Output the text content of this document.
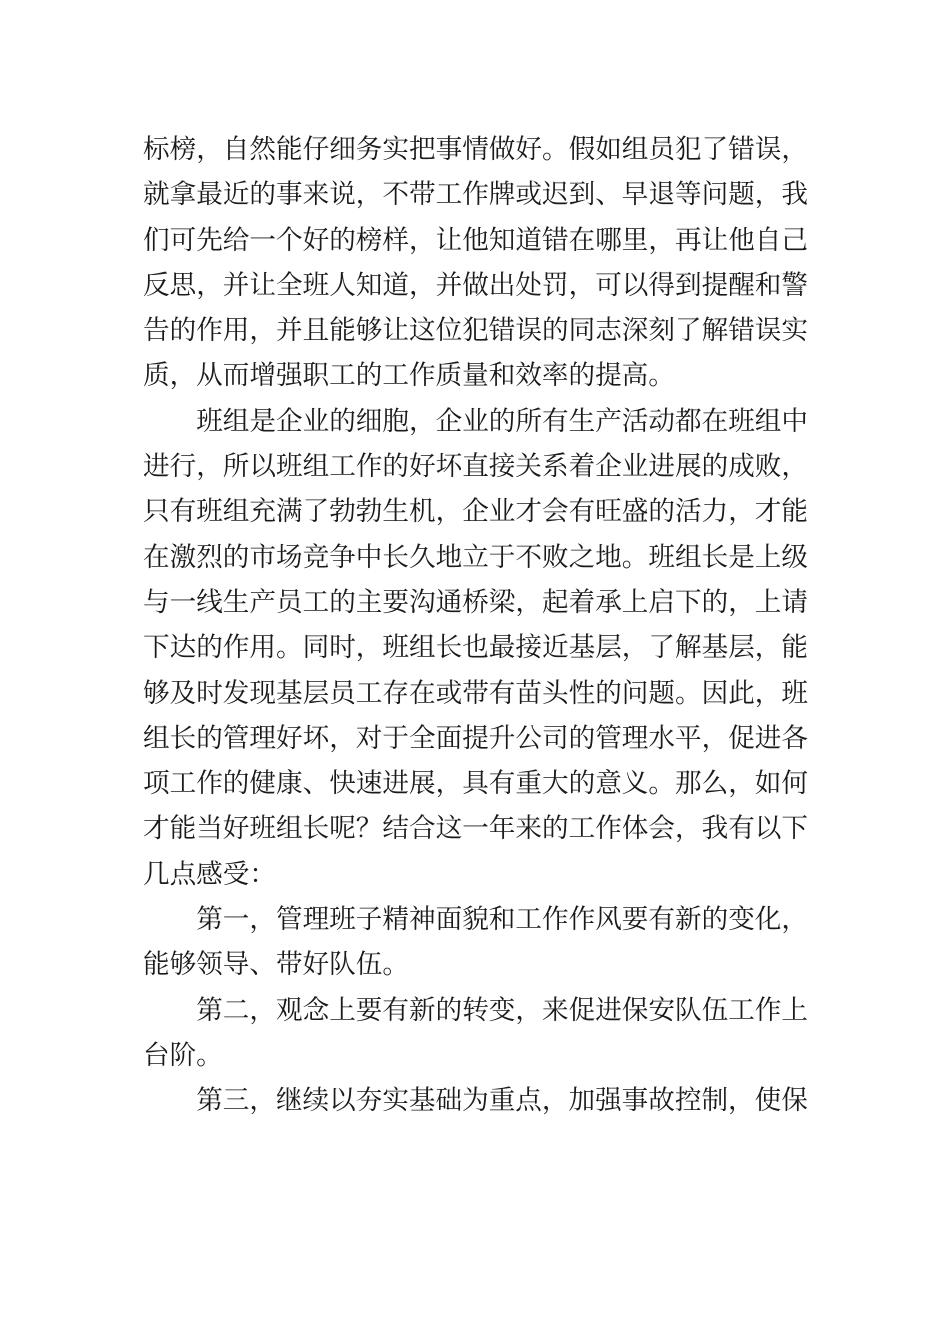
标榜，自然能仔细务实把事情做好。假如组员犯了错误，就拿最近的事来说，不带工作牌或迟到、早退等问题，我们可先给一个好的榜样，让他知道错在哪里，再让他自己反思，并让全班人知道，并做出处罚，可以得到提醒和警告的作用，并且能够让这位犯错误的同志深刻了解错误实质，从而增强职工的工作质量和效率的提高。

班组是企业的细胞，企业的所有生产活动都在班组中进行，所以班组工作的好坏直接关系着企业进展的成败，只有班组充满了勃勃生机，企业才会有旺盛的活力，才能在激烈的市场竞争中长久地立于不败之地。班组长是上级与一线生产员工的主要沟通桥梁，起着承上启下的，上请下达的作用。同时，班组长也最接近基层，了解基层，能够及时发现基层员工存在或带有苗头性的问题。因此，班组长的管理好坏，对于全面提升公司的管理水平，促进各项工作的健康、快速进展，具有重大的意义。那么，如何才能当好班组长呢？结合这一年来的工作体会，我有以下几点感受：

第一，管理班子精神面貌和工作作风要有新的变化，能够领导、带好队伍。

第二，观念上要有新的转变，来促进保安队伍工作上台阶。

第三，继续以夯实基础为重点，加强事故控制，使保
